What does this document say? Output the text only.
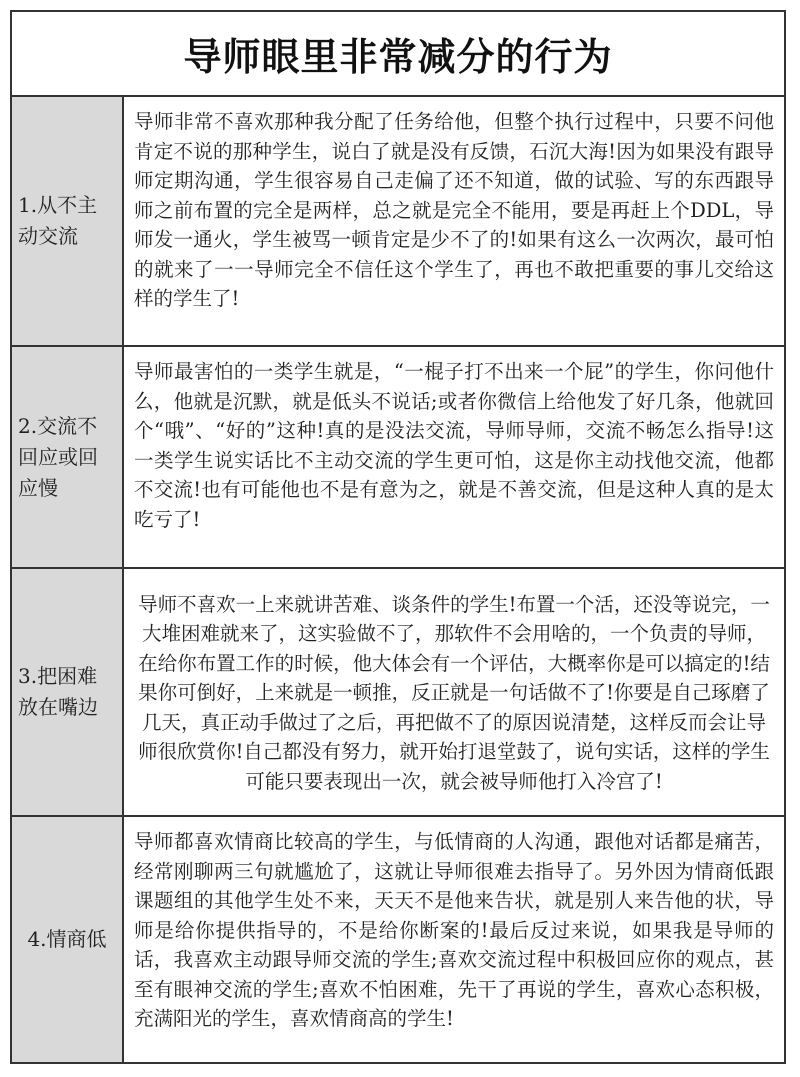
导师眼里非常减分的行为
1.从不主动交流
导师非常不喜欢那种我分配了任务给他，但整个执行过程中，只要不问他肯定不说的那种学生，说白了就是没有反馈，石沉大海!因为如果没有跟导师定期沟通，学生很容易自己走偏了还不知道，做的试验、写的东西跟导师之前布置的完全是两样，总之就是完全不能用，要是再赶上个DDL，导师发一通火，学生被骂一顿肯定是少不了的!如果有这么一次两次，最可怕的就来了一一导师完全不信任这个学生了，再也不敢把重要的事儿交给这样的学生了!
2.交流不回应或回应慢
导师最害怕的一类学生就是，“一棍子打不出来一个屁”的学生，你问他什么，他就是沉默，就是低头不说话;或者你微信上给他发了好几条，他就回个“哦”、“好的”这种!真的是没法交流，导师导师，交流不畅怎么指导!这一类学生说实话比不主动交流的学生更可怕，这是你主动找他交流，他都不交流!也有可能他也不是有意为之，就是不善交流，但是这种人真的是太吃亏了!
3.把困难放在嘴边
导师不喜欢一上来就讲苦难、谈条件的学生!布置一个活，还没等说完，一大堆困难就来了，这实验做不了，那软件不会用啥的，一个负责的导师，在给你布置工作的时候，他大体会有一个评估，大概率你是可以搞定的!结果你可倒好，上来就是一顿推，反正就是一句话做不了!你要是自己琢磨了几天，真正动手做过了之后，再把做不了的原因说清楚，这样反而会让导师很欣赏你!自己都没有努力，就开始打退堂鼓了，说句实话，这样的学生可能只要表现出一次，就会被导师他打入冷宫了!
4.情商低
导师都喜欢情商比较高的学生，与低情商的人沟通，跟他对话都是痛苦，经常刚聊两三句就尴尬了，这就让导师很难去指导了。另外因为情商低跟课题组的其他学生处不来，天天不是他来告状，就是别人来告他的状，导师是给你提供指导的，不是给你断案的!最后反过来说，如果我是导师的话，我喜欢主动跟导师交流的学生;喜欢交流过程中积极回应你的观点，甚至有眼神交流的学生;喜欢不怕困难，先干了再说的学生，喜欢心态积极，充满阳光的学生，喜欢情商高的学生!
